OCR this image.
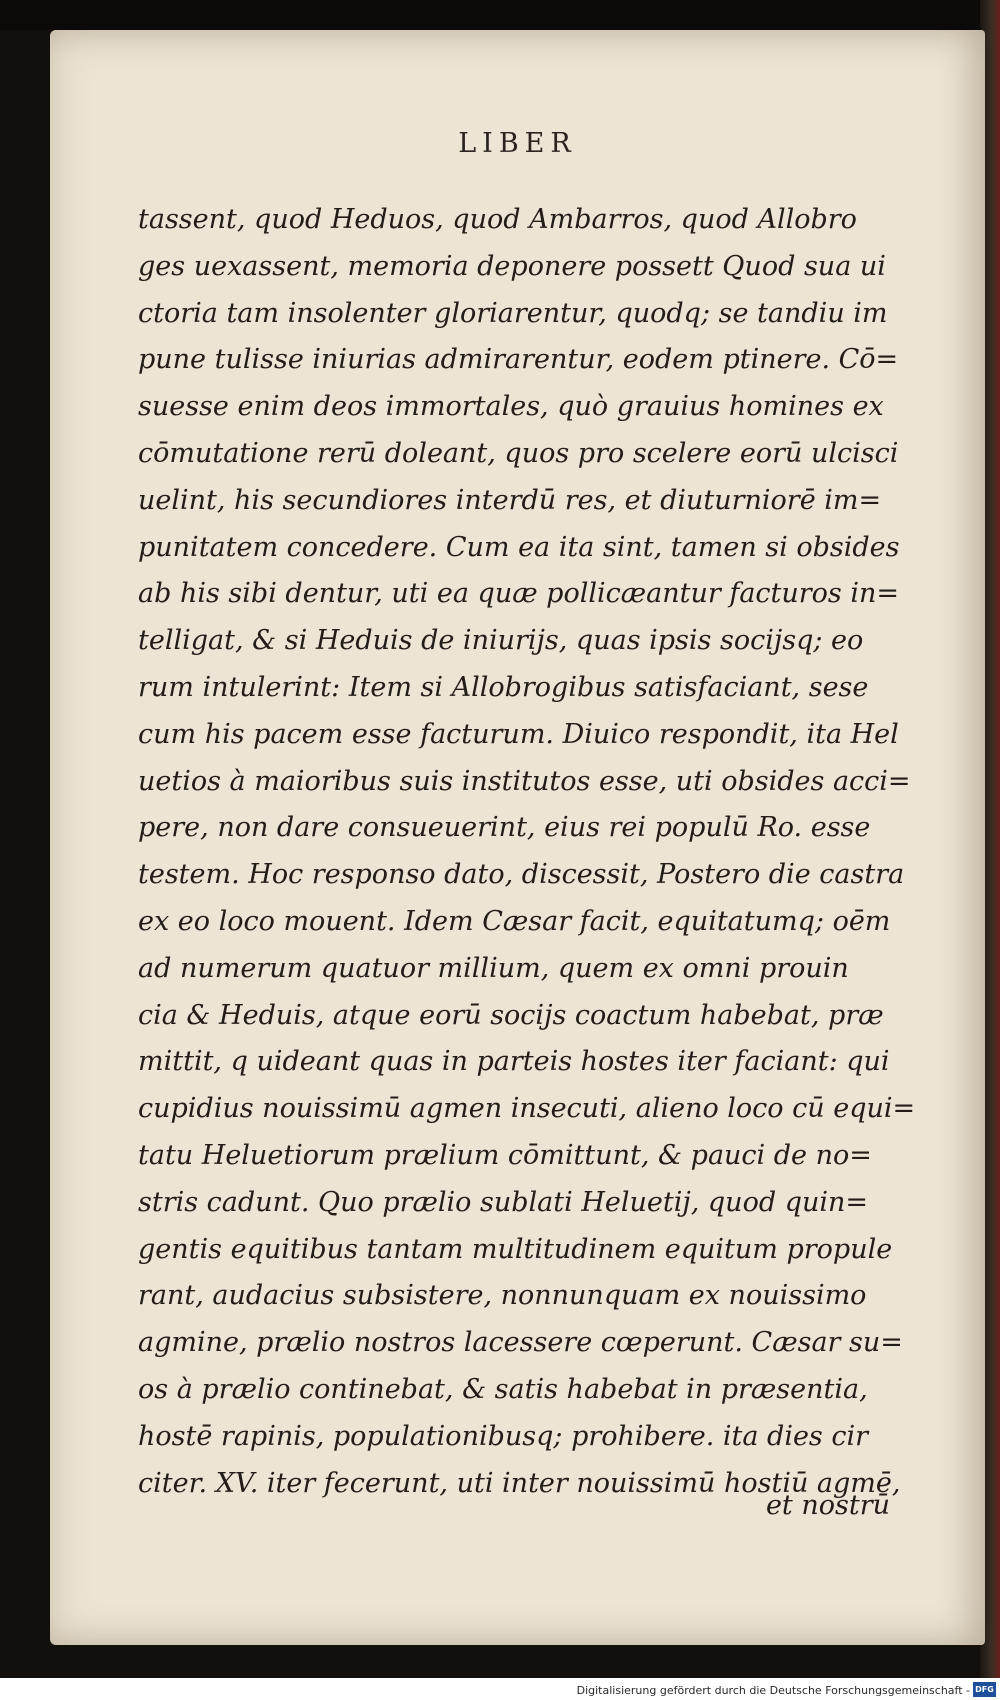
LIBER
tassent, quod Heduos, quod Ambarros, quod Allobro
ges uexassent, memoria deponere possett Quod sua ui
ctoria tam insolenter gloriarentur, quodq; se tandiu im
pune tulisse iniurias admirarentur, eodem ptinere. Cō=
suesse enim deos immortales, quò grauius homines ex
cōmutatione rerū doleant, quos pro scelere eorū ulcisci
uelint, his secundiores interdū res, et diuturniorē im=
punitatem concedere. Cum ea ita sint, tamen si obsides
ab his sibi dentur, uti ea quæ pollicæantur facturos in=
telligat, & si Heduis de iniurijs, quas ipsis socijsq; eo
rum intulerint: Item si Allobrogibus satisfaciant, sese
cum his pacem esse facturum. Diuico respondit, ita Hel
uetios à maioribus suis institutos esse, uti obsides acci=
pere, non dare consueuerint, eius rei populū Ro. esse
testem. Hoc responso dato, discessit, Postero die castra
ex eo loco mouent. Idem Cæsar facit, equitatumq; oēm
ad numerum quatuor millium, quem ex omni prouin
cia & Heduis, atque eorū socijs coactum habebat, præ
mittit, q uideant quas in parteis hostes iter faciant: qui
cupidius nouissimū agmen insecuti, alieno loco cū equi=
tatu Heluetiorum prælium cōmittunt, & pauci de no=
stris cadunt. Quo prælio sublati Heluetij, quod quin=
gentis equitibus tantam multitudinem equitum propule
rant, audacius subsistere, nonnunquam ex nouissimo
agmine, prælio nostros lacessere cœperunt. Cæsar su=
os à prælio continebat, & satis habebat in præsentia,
hostē rapinis, populationibusq; prohibere. ita dies cir
citer. XV. iter fecerunt, uti inter nouissimū hostiū agmē,
et nostrū
Digitalisierung gefördert durch die Deutsche Forschungsgemeinschaft - DFG
